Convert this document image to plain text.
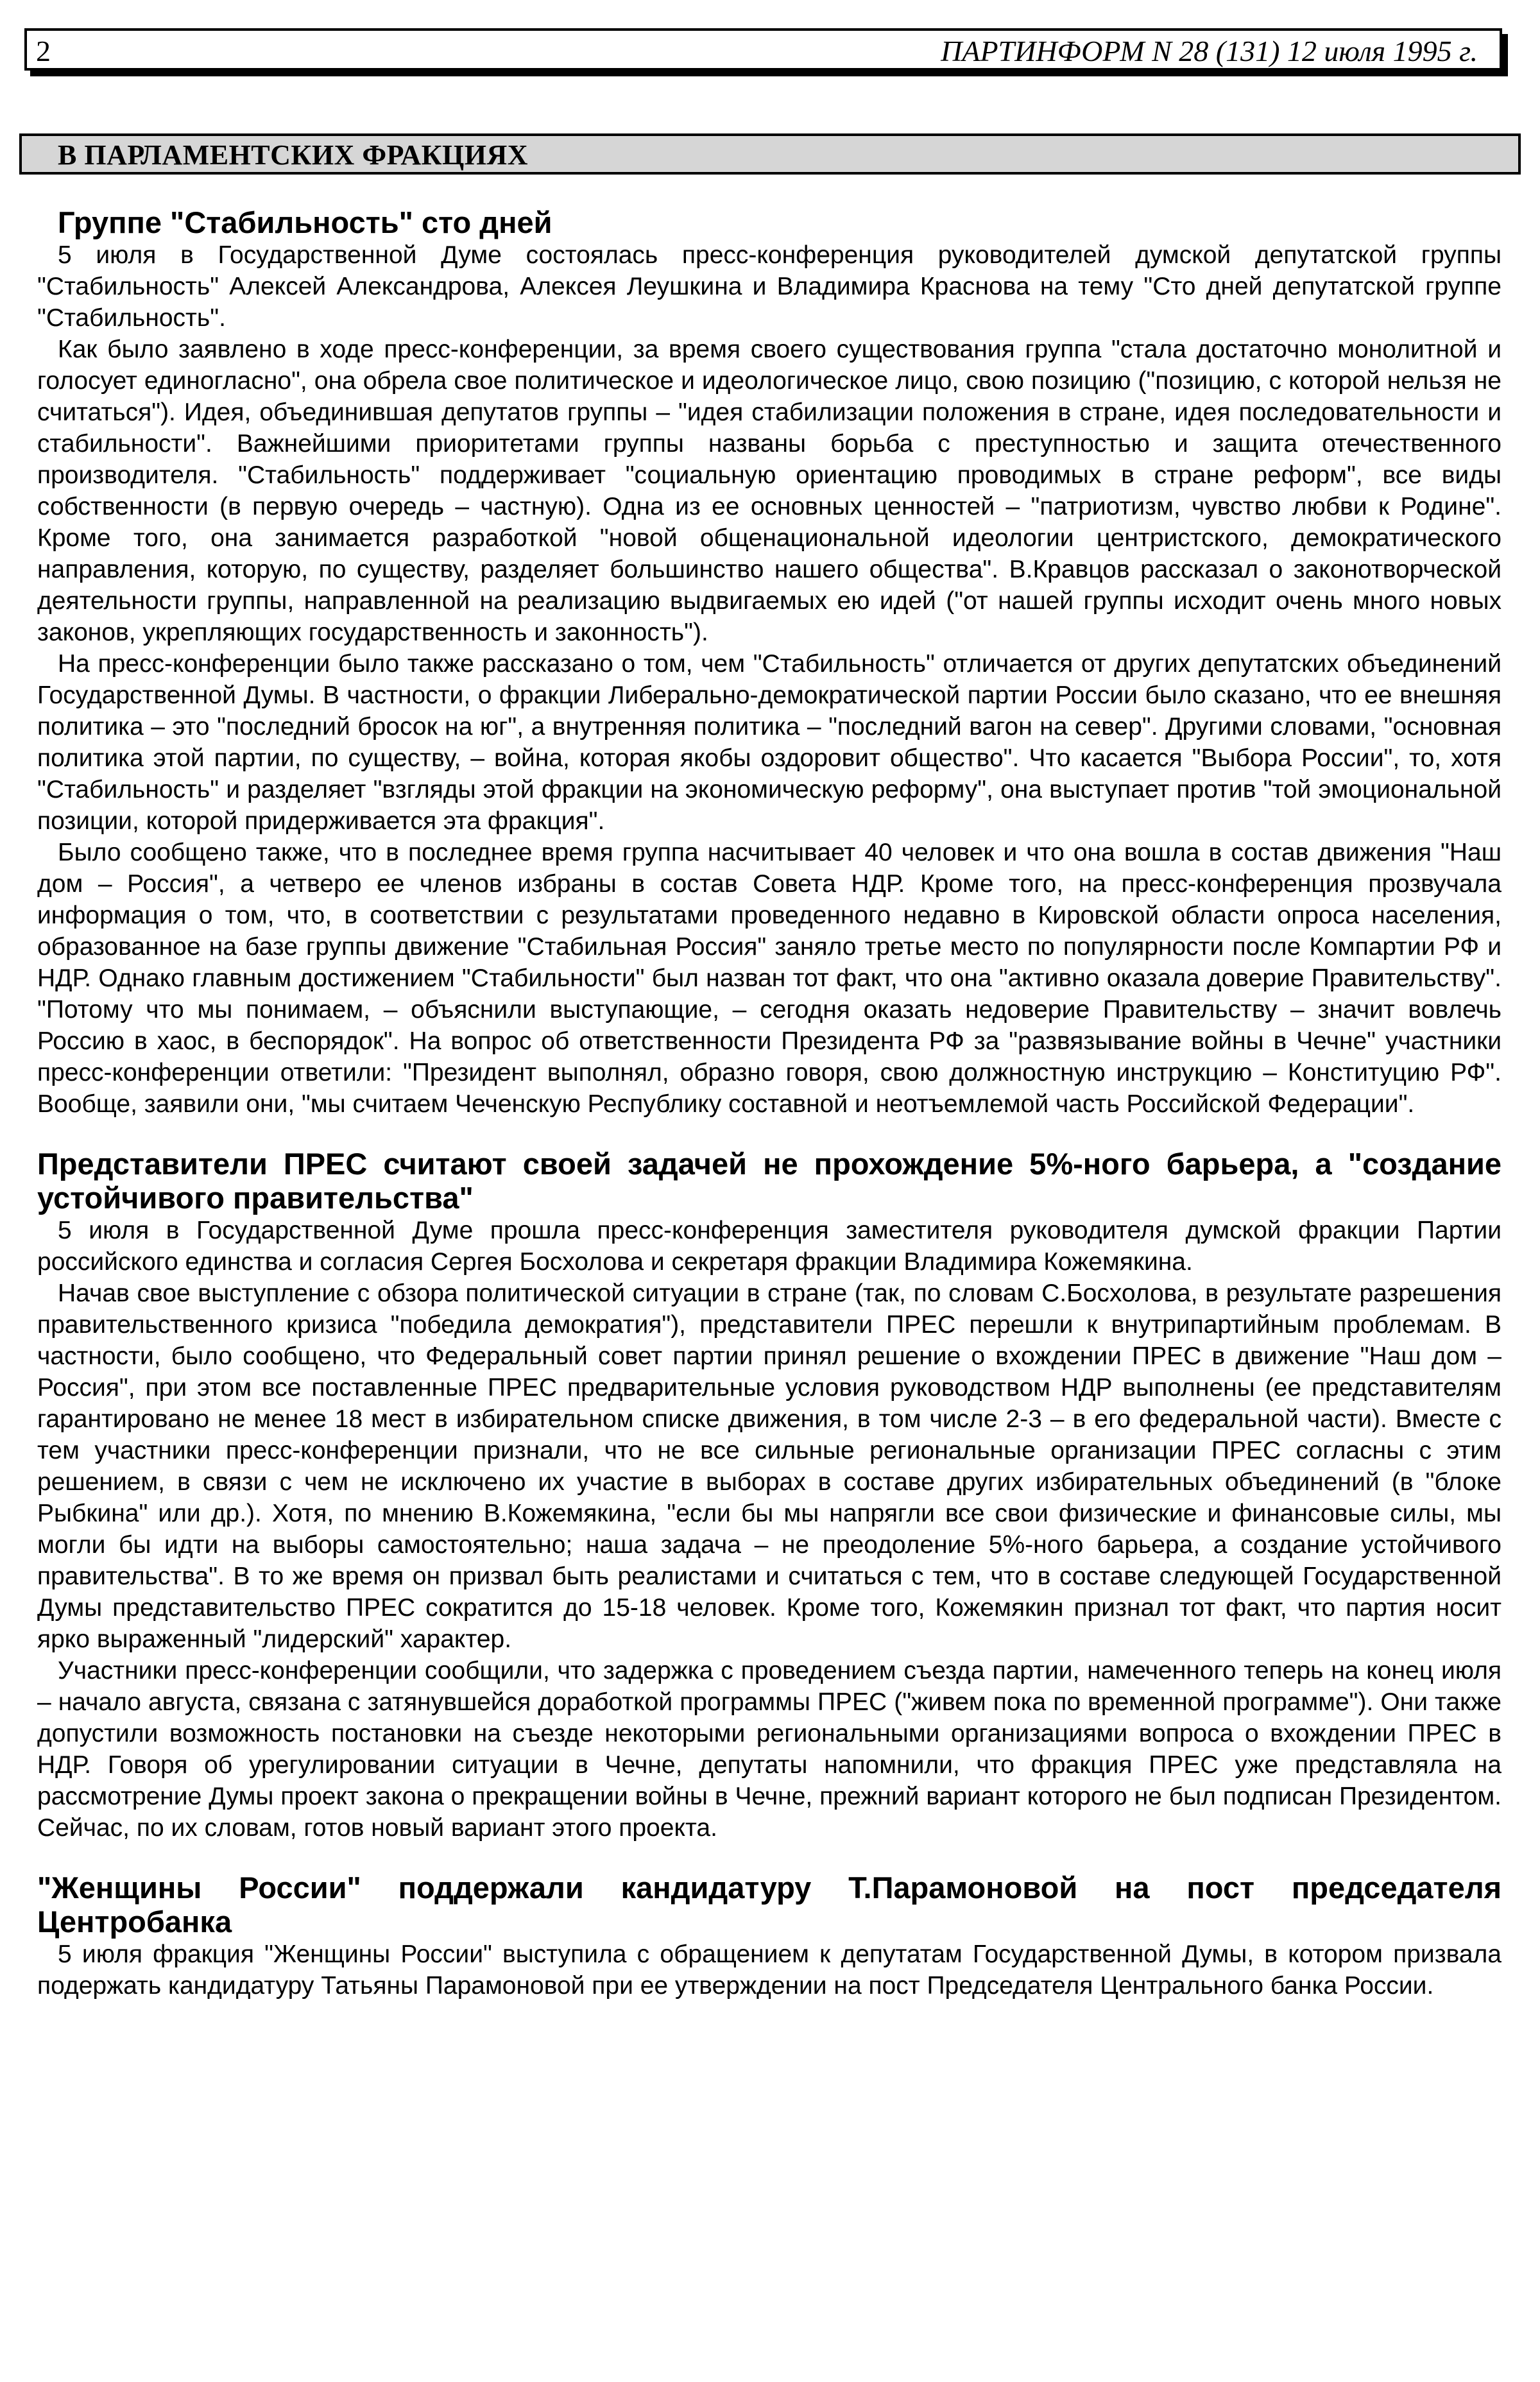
2	ПАРТИНФОРМ N 28 (131) 12 июля 1995 г.
В ПАРЛАМЕНТСКИХ ФРАКЦИЯХ
Группе "Стабильность" сто дней

5 июля в Государственной Думе состоялась пресс-конференция руководителей думской депутатской группы "Стабильность" Алексей Александрова, Алексея Леушкина и Владимира Краснова на тему "Сто дней депутатской группе "Стабильность".

Как было заявлено в ходе пресс-конференции, за время своего существования группа "стала достаточно монолитной и голосует единогласно", она обрела свое политическое и идеологическое лицо, свою позицию ("позицию, с которой нельзя не считаться"). Идея, объединившая депутатов группы – "идея стабилизации положения в стране, идея последовательности и стабильности". Важнейшими приоритетами группы названы борьба с преступностью и защита отечественного производителя. "Стабильность" поддерживает "социальную ориентацию проводимых в стране реформ", все виды собственности (в первую очередь – частную). Одна из ее основных ценностей – "патриотизм, чувство любви к Родине". Кроме того, она занимается разработкой "новой общенациональной идеологии центристского, демократического направления, которую, по существу, разделяет большинство нашего общества". В.Кравцов рассказал о законотворческой деятельности группы, направленной на реализацию выдвигаемых ею идей ("от нашей группы исходит очень много новых законов, укрепляющих государственность и законность").

На пресс-конференции было также рассказано о том, чем "Стабильность" отличается от других депутатских объединений Государственной Думы. В частности, о фракции Либерально-демократической партии России было сказано, что ее внешняя политика – это "последний бросок на юг", а внутренняя политика – "последний вагон на север". Другими словами, "основная политика этой партии, по существу, – война, которая якобы оздоровит общество". Что касается "Выбора России", то, хотя "Стабильность" и разделяет "взгляды этой фракции на экономическую реформу", она выступает против "той эмоциональной позиции, которой придерживается эта фракция".

Было сообщено также, что в последнее время группа насчитывает 40 человек и что она вошла в состав движения "Наш дом – Россия", а четверо ее членов избраны в состав Совета НДР. Кроме того, на пресс-конференция прозвучала информация о том, что, в соответствии с результатами проведенного недавно в Кировской области опроса населения, образованное на базе группы движение "Стабильная Россия" заняло третье место по популярности после Компартии РФ и НДР. Однако главным достижением "Стабильности" был назван тот факт, что она "активно оказала доверие Правительству". "Потому что мы понимаем, – объяснили выступающие, – сегодня оказать недоверие Правительству – значит вовлечь Россию в хаос, в беспорядок". На вопрос об ответственности Президента РФ за "развязывание войны в Чечне" участники пресс-конференции ответили: "Президент выполнял, образно говоря, свою должностную инструкцию – Конституцию РФ". Вообще, заявили они, "мы считаем Чеченскую Республику составной и неотъемлемой часть Российской Федерации".

Представители ПРЕС считают своей задачей не прохождение 5%-ного барьера, а "создание устойчивого правительства"

5 июля в Государственной Думе прошла пресс-конференция заместителя руководителя думской фракции Партии российского единства и согласия Сергея Босхолова и секретаря фракции Владимира Кожемякина.

Начав свое выступление с обзора политической ситуации в стране (так, по словам С.Босхолова, в результате разрешения правительственного кризиса "победила демократия"), представители ПРЕС перешли к внутрипартийным проблемам. В частности, было сообщено, что Федеральный совет партии принял решение о вхождении ПРЕС в движение "Наш дом – Россия", при этом все поставленные ПРЕС предварительные условия руководством НДР выполнены (ее представителям гарантировано не менее 18 мест в избирательном списке движения, в том числе 2-3 – в его федеральной части). Вместе с тем участники пресс-конференции признали, что не все сильные региональные организации ПРЕС согласны с этим решением, в связи с чем не исключено их участие в выборах в составе других избирательных объединений (в "блоке Рыбкина" или др.). Хотя, по мнению В.Кожемякина, "если бы мы напрягли все свои физические и финансовые силы, мы могли бы идти на выборы самостоятельно; наша задача – не преодоление 5%-ного барьера, а создание устойчивого правительства". В то же время он призвал быть реалистами и считаться с тем, что в составе следующей Государственной Думы представительство ПРЕС сократится до 15-18 человек. Кроме того, Кожемякин признал тот факт, что партия носит ярко выраженный "лидерский" характер.

Участники пресс-конференции сообщили, что задержка с проведением съезда партии, намеченного теперь на конец июля – начало августа, связана с затянувшейся доработкой программы ПРЕС ("живем пока по временной программе"). Они также допустили возможность постановки на съезде некоторыми региональными организациями вопроса о вхождении ПРЕС в НДР. Говоря об урегулировании ситуации в Чечне, депутаты напомнили, что фракция ПРЕС уже представляла на рассмотрение Думы проект закона о прекращении войны в Чечне, прежний вариант которого не был подписан Президентом. Сейчас, по их словам, готов новый вариант этого проекта.

"Женщины России" поддержали кандидатуру Т.Парамоновой на пост председателя Центробанка

5 июля фракция "Женщины России" выступила с обращением к депутатам Государственной Думы, в котором призвала подержать кандидатуру Татьяны Парамоновой при ее утверждении на пост Председателя Центрального банка России.
